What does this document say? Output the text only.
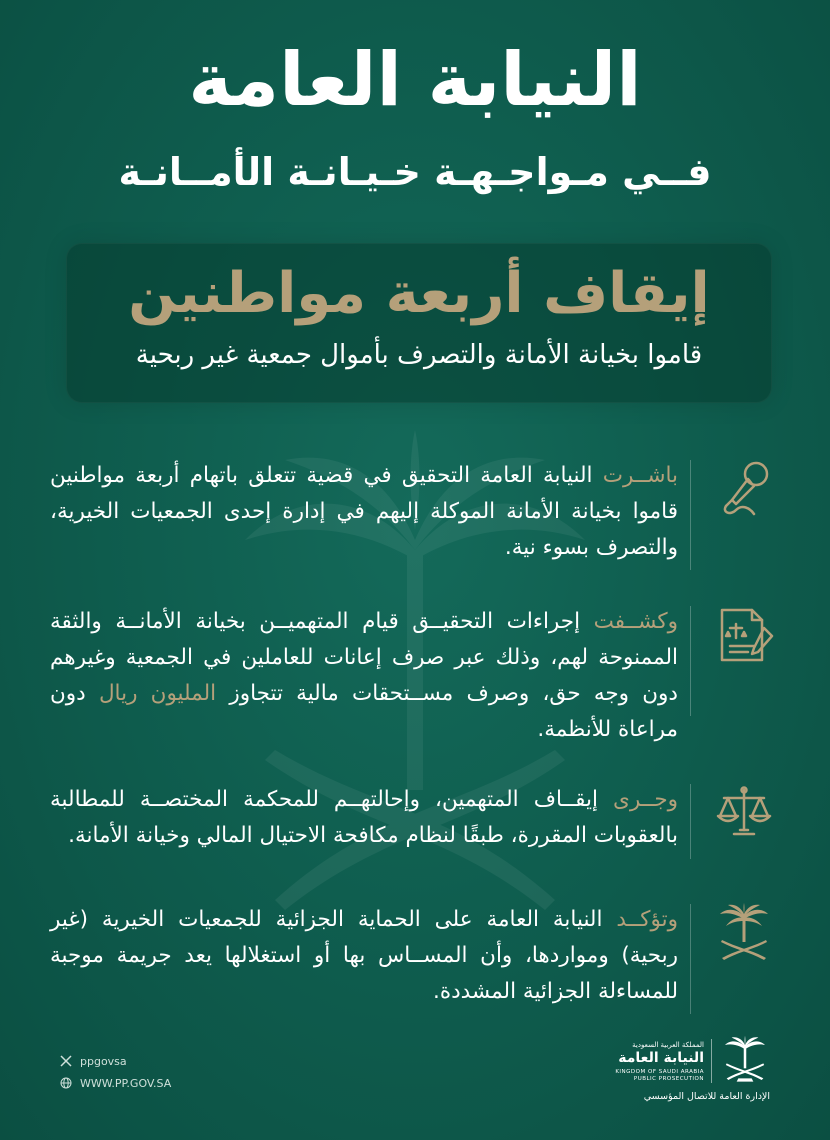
النيابة العامة
فــي مـواجـهـة خـيـانـة الأمــانـة
إيقاف أربعة مواطنين
قاموا بخيانة الأمانة والتصرف بأموال جمعية غير ربحية

باشــرت النيابة العامة التحقيق في قضية تتعلق باتهام أربعة مواطنين قاموا بخيانة الأمانة الموكلة إليهم في إدارة إحدى الجمعيات الخيرية، والتصرف بسوء نية.

وكشــفت إجراءات التحقيــق قيام المتهميــن بخيانة الأمانــة والثقة الممنوحة لهم، وذلك عبر صرف إعانات للعاملين في الجمعية وغيرهم دون وجه حق، وصرف مســتحقات مالية تتجاوز المليون ريال دون مراعاة للأنظمة.

وجــرى إيقــاف المتهمين، وإحالتهــم للمحكمة المختصــة للمطالبة بالعقوبات المقررة، طبقًا لنظام مكافحة الاحتيال المالي وخيانة الأمانة.

وتؤكــد النيابة العامة على الحماية الجزائية للجمعيات الخيرية (غير ربحية) ومواردها، وأن المســاس بها أو استغلالها يعد جريمة موجبة للمساءلة الجزائية المشددة.

ppgovsa
WWW.PP.GOV.SA
المملكة العربية السعودية
النيابة العامة
KINGDOM OF SAUDI ARABIA
PUBLIC PROSECUTION
الإدارة العامة للاتصال المؤسسي
